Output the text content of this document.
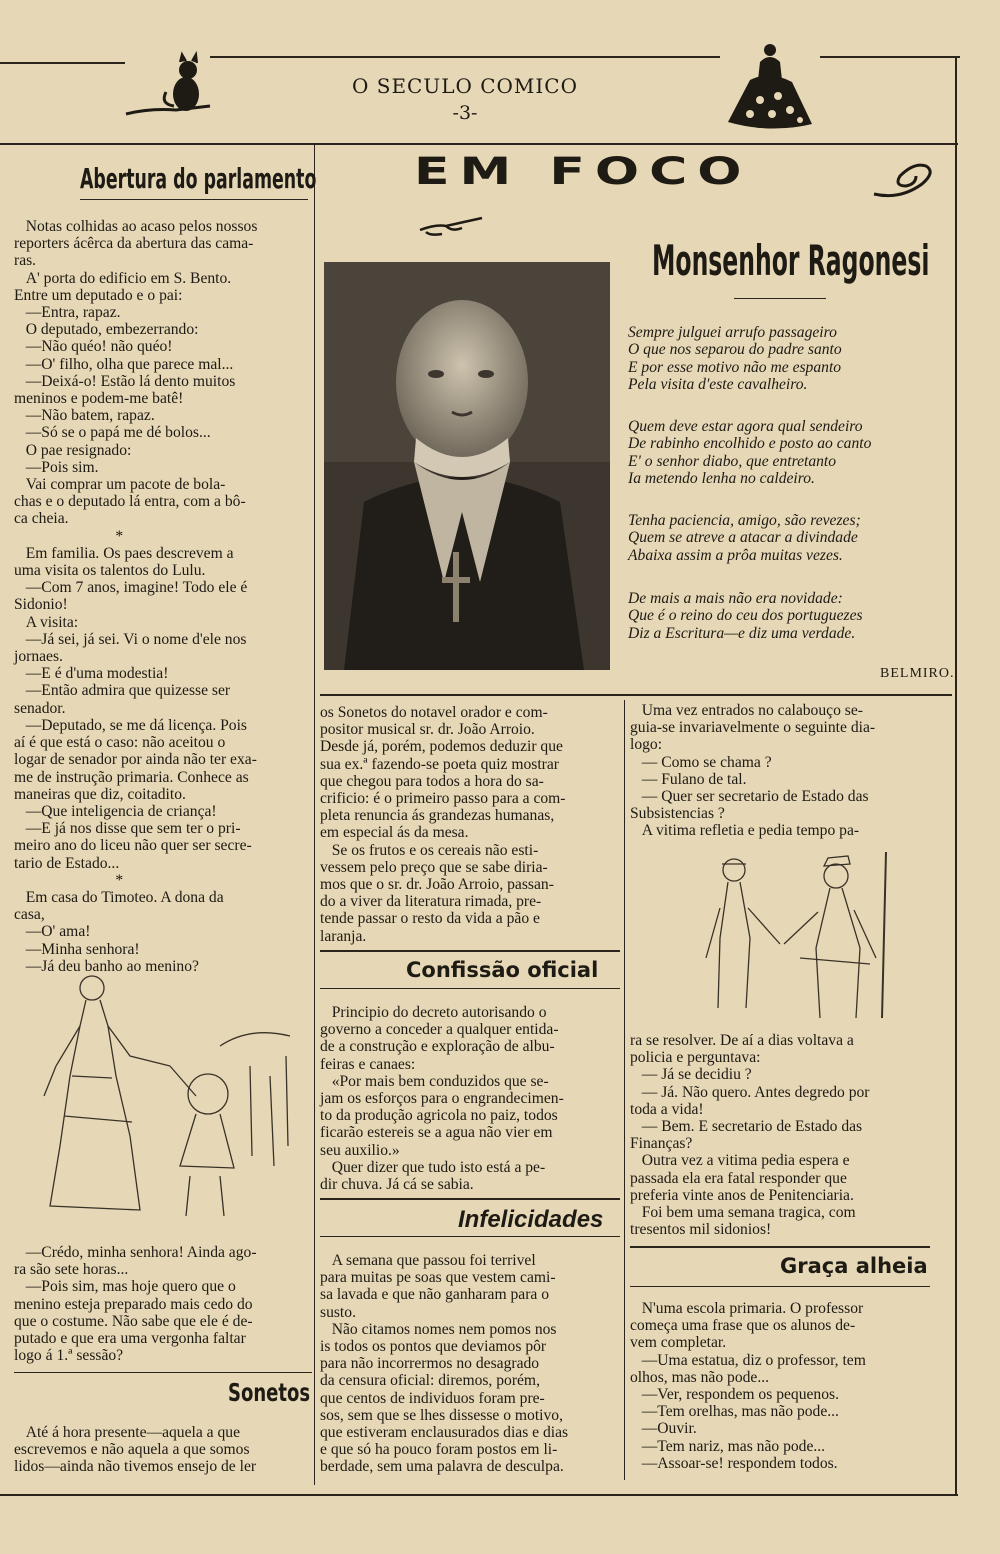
O SECULO COMICO
-3-
Abertura do parlamento
Notas colhidas ao acaso pelos nossos
reporters ácêrca da abertura das cama-
ras.
A' porta do edificio em S. Bento.
Entre um deputado e o pai:
—Entra, rapaz.
O deputado, embezerrando:
—Não quéo! não quéo!
—O' filho, olha que parece mal...
—Deixá-o! Estão lá dento muitos
meninos e podem-me batê!
—Não batem, rapaz.
—Só se o papá me dé bolos...
O pae resignado:
—Pois sim.
Vai comprar um pacote de bola-
chas e o deputado lá entra, com a bô-
ca cheia.
*
Em familia. Os paes descrevem a
uma visita os talentos do Lulu.
—Com 7 anos, imagine! Todo ele é
Sidonio!
A visita:
—Já sei, já sei. Vi o nome d'ele nos
jornaes.
—E é d'uma modestia!
—Então admira que quizesse ser
senador.
—Deputado, se me dá licença. Pois
aí é que está o caso: não aceitou o
logar de senador por ainda não ter exa-
me de instrução primaria. Conhece as
maneiras que diz, coitadito.
—Que inteligencia de criança!
—E já nos disse que sem ter o pri-
meiro ano do liceu não quer ser secre-
tario de Estado...
*
Em casa do Timoteo. A dona da
casa,
—O' ama!
—Minha senhora!
—Já deu banho ao menino?
—Crédo, minha senhora! Ainda ago-
ra são sete horas...
—Pois sim, mas hoje quero que o
menino esteja preparado mais cedo do
que o costume. Não sabe que ele é de-
putado e que era uma vergonha faltar
logo á 1.ª sessão?
Sonetos
Até á hora presente—aquela a que
escrevemos e não aquela a que somos
lidos—ainda não tivemos ensejo de ler
EM FOCO
Monsenhor Ragonesi
Sempre julguei arrufo passageiro
O que nos separou do padre santo
E por esse motivo não me espanto
Pela visita d'este cavalheiro.
Quem deve estar agora qual sendeiro
De rabinho encolhido e posto ao canto
E' o senhor diabo, que entretanto
Ia metendo lenha no caldeiro.
Tenha paciencia, amigo, são revezes;
Quem se atreve a atacar a divindade
Abaixa assim a prôa muitas vezes.
De mais a mais não era novidade:
Que é o reino do ceu dos portuguezes
Diz a Escritura—e diz uma verdade.
BELMIRO.
os Sonetos do notavel orador e com-
positor musical sr. dr. João Arroio.
Desde já, porém, podemos deduzir que
sua ex.ª fazendo-se poeta quiz mostrar
que chegou para todos a hora do sa-
crificio: é o primeiro passo para a com-
pleta renuncia ás grandezas humanas,
em especial ás da mesa.
Se os frutos e os cereais não esti-
vessem pelo preço que se sabe diria-
mos que o sr. dr. João Arroio, passan-
do a viver da literatura rimada, pre-
tende passar o resto da vida a pão e
laranja.
Confissão oficial
Principio do decreto autorisando o
governo a conceder a qualquer entida-
de a construção e exploração de albu-
feiras e canaes:
«Por mais bem conduzidos que se-
jam os esforços para o engrandecimen-
to da produção agricola no paiz, todos
ficarão estereis se a agua não vier em
seu auxilio.»
Quer dizer que tudo isto está a pe-
dir chuva. Já cá se sabia.
Infelicidades
A semana que passou foi terrivel
para muitas pe soas que vestem cami-
sa lavada e que não ganharam para o
susto.
Não citamos nomes nem pomos nos
is todos os pontos que deviamos pôr
para não incorrermos no desagrado
da censura oficial: diremos, porém,
que centos de individuos foram pre-
sos, sem que se lhes dissesse o motivo,
que estiveram enclausurados dias e dias
e que só ha pouco foram postos em li-
berdade, sem uma palavra de desculpa.
Uma vez entrados no calabouço se-
guia-se invariavelmente o seguinte dia-
logo:
— Como se chama ?
— Fulano de tal.
— Quer ser secretario de Estado das
Subsistencias ?
A vitima refletia e pedia tempo pa-
ra se resolver. De aí a dias voltava a
policia e perguntava:
— Já se decidiu ?
— Já. Não quero. Antes degredo por
toda a vida!
— Bem. E secretario de Estado das
Finanças?
Outra vez a vitima pedia espera e
passada ela era fatal responder que
preferia vinte anos de Penitenciaria.
Foi bem uma semana tragica, com
tresentos mil sidonios!
Graça alheia
N'uma escola primaria. O professor
começa uma frase que os alunos de-
vem completar.
—Uma estatua, diz o professor, tem
olhos, mas não pode...
—Ver, respondem os pequenos.
—Tem orelhas, mas não pode...
—Ouvir.
—Tem nariz, mas não pode...
—Assoar-se! respondem todos.
